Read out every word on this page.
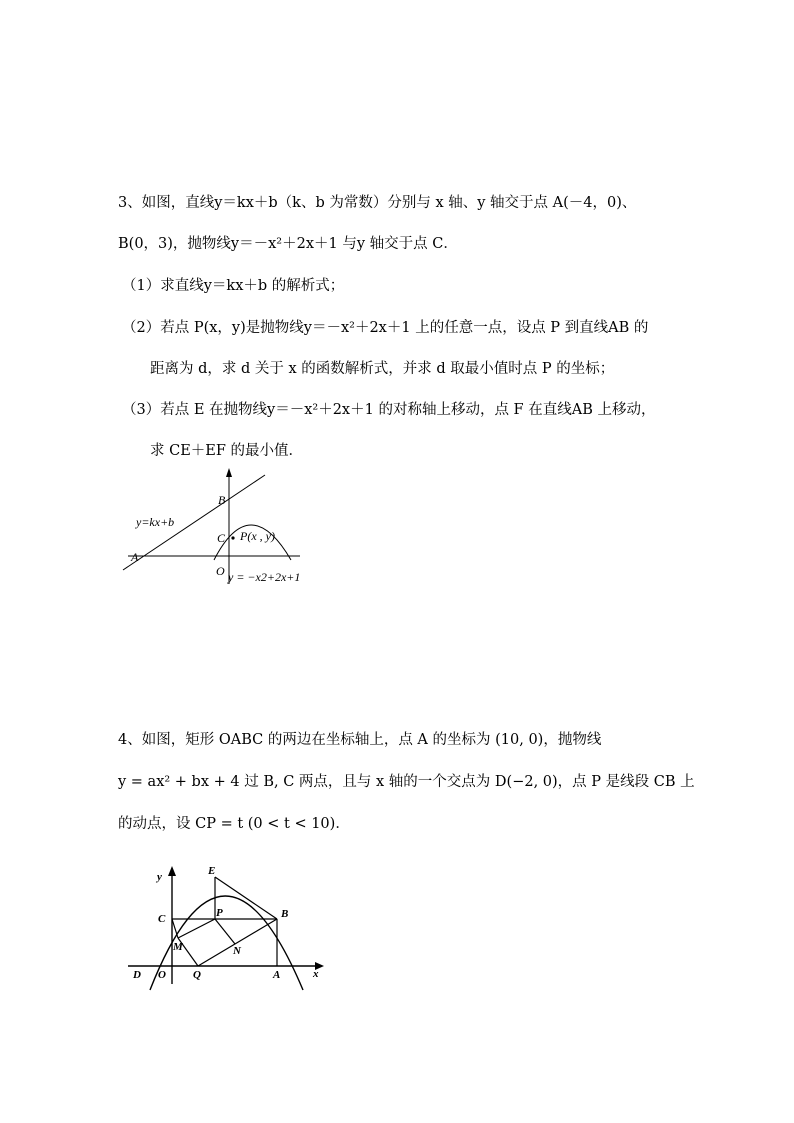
3、如图，直线y＝kx＋b（k、b 为常数）分别与 x 轴、y 轴交于点 A(－4，0)、
B(0，3)，抛物线y＝－x²＋2x＋1 与y 轴交于点 C．
（1）求直线y＝kx＋b 的解析式；
（2）若点 P(x，y)是抛物线y＝－x²＋2x＋1 上的任意一点，设点 P 到直线AB 的
距离为 d，求 d 关于 x 的函数解析式，并求 d 取最小值时点 P 的坐标；
（3）若点 E 在抛物线y＝－x²＋2x＋1 的对称轴上移动，点 F 在直线AB 上移动，
求 CE＋EF 的最小值．
y=kx+b
A
B
C
O
P(x , y)
y = −x2+2x+1
4、如图，矩形 OABC 的两边在坐标轴上，点 A 的坐标为 (10, 0)，抛物线
y = ax² + bx + 4 过 B, C 两点，且与 x 轴的一个交点为 D(−2, 0)，点 P 是线段 CB 上
的动点，设 CP = t (0 < t < 10)．
y
x
E
C	P	B
M	N
D O Q	A
